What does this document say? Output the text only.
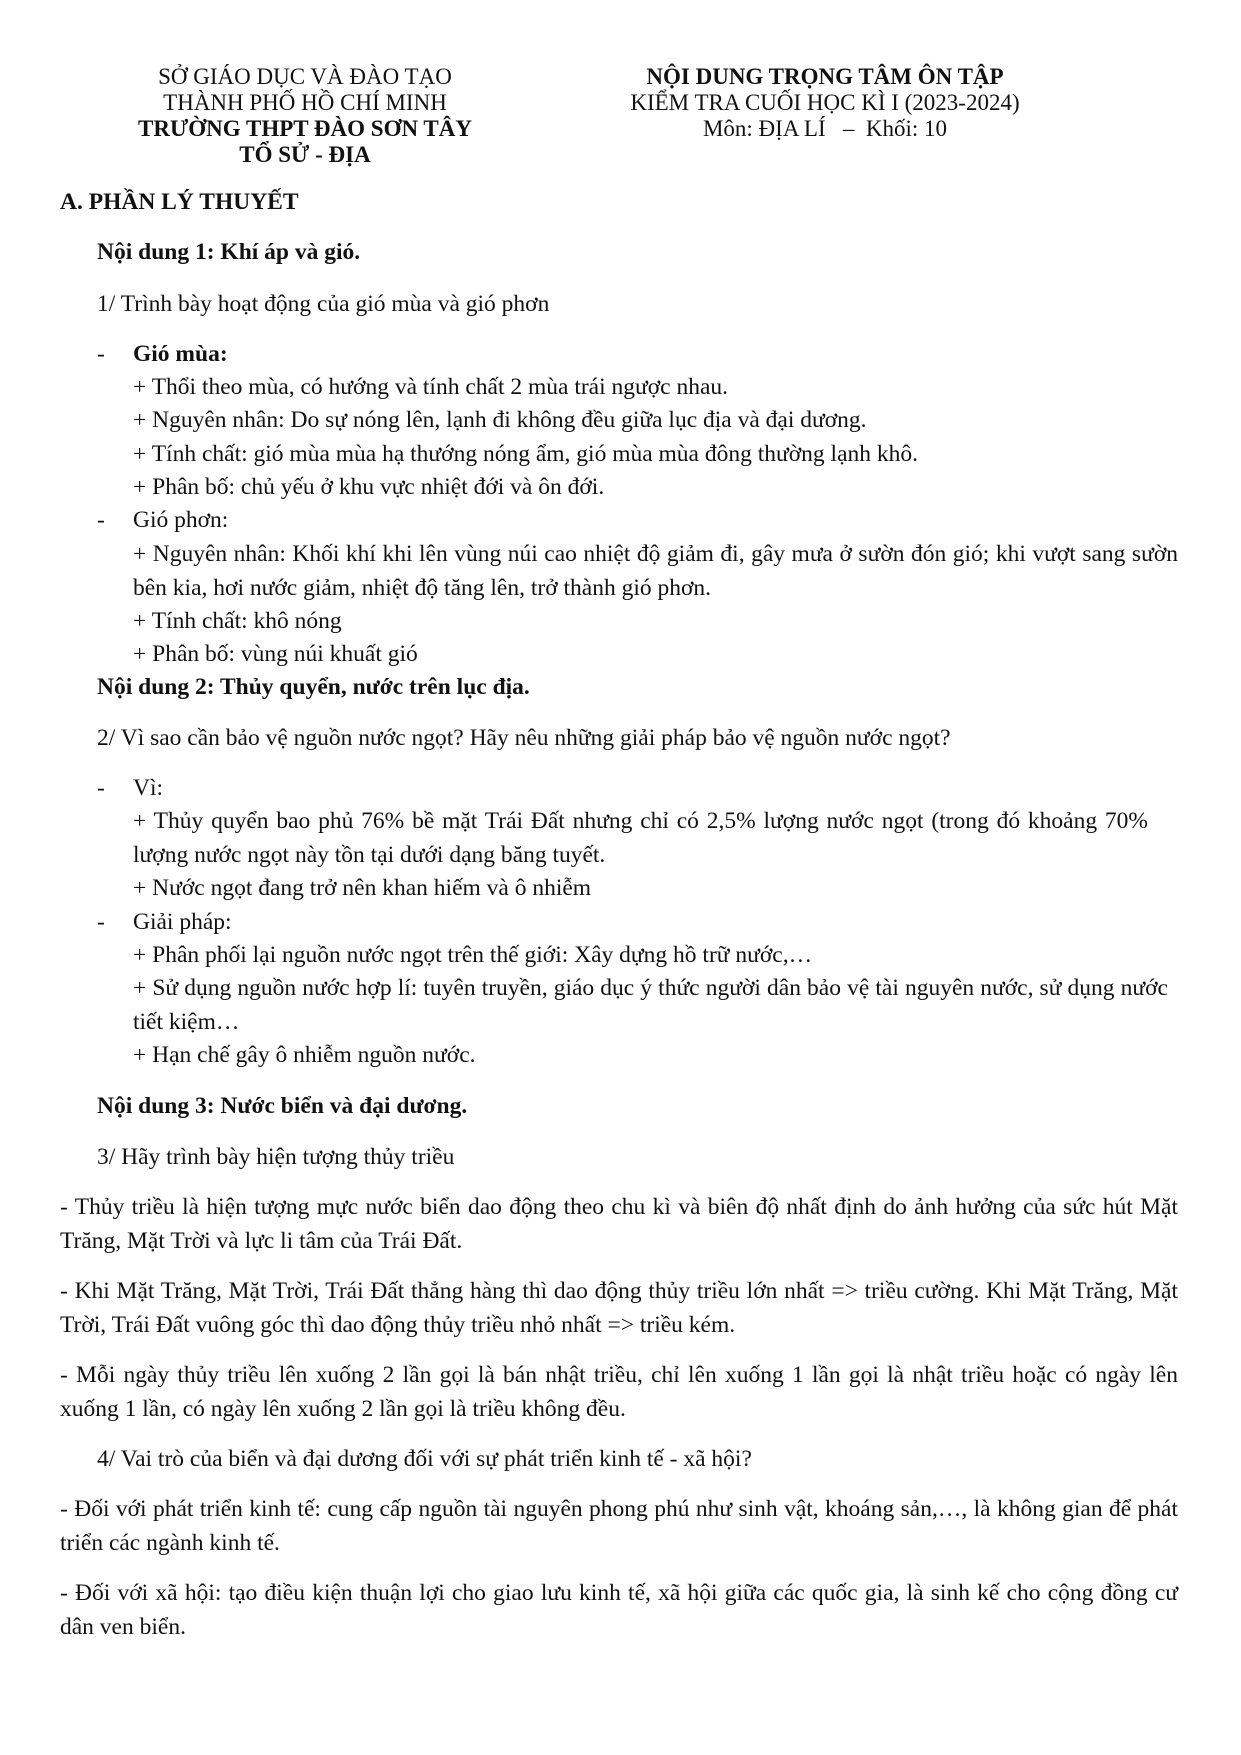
SỞ GIÁO DỤC VÀ ĐÀO TẠO
THÀNH PHỐ HỒ CHÍ MINH
TRƯỜNG THPT ĐÀO SƠN TÂY
TỔ SỬ - ĐỊA
NỘI DUNG TRỌNG TÂM ÔN TẬP
KIỂM TRA CUỐI HỌC KÌ I (2023-2024)
Môn: ĐỊA LÍ   –  Khối: 10
A. PHẦN LÝ THUYẾT
Nội dung 1: Khí áp và gió.
1/ Trình bày hoạt động của gió mùa và gió phơn
- Gió mùa:
+ Thổi theo mùa, có hướng và tính chất 2 mùa trái ngược nhau.
+ Nguyên nhân: Do sự nóng lên, lạnh đi không đều giữa lục địa và đại dương.
+ Tính chất: gió mùa mùa hạ thướng nóng ẩm, gió mùa mùa đông thường lạnh khô.
+ Phân bố: chủ yếu ở khu vực nhiệt đới và ôn đới.
- Gió phơn:
+ Nguyên nhân: Khối khí khi lên vùng núi cao nhiệt độ giảm đi, gây mưa ở sườn đón gió; khi vượt sang sườn bên kia, hơi nước giảm, nhiệt độ tăng lên, trở thành gió phơn.
+ Tính chất: khô nóng
+ Phân bố: vùng núi khuất gió
Nội dung 2: Thủy quyển, nước trên lục địa.
2/ Vì sao cần bảo vệ nguồn nước ngọt? Hãy nêu những giải pháp bảo vệ nguồn nước ngọt?
- Vì:
+ Thủy quyển bao phủ 76% bề mặt Trái Đất nhưng chỉ có 2,5% lượng nước ngọt (trong đó khoảng 70% lượng nước ngọt này tồn tại dưới dạng băng tuyết.
+ Nước ngọt đang trở nên khan hiếm và ô nhiễm
- Giải pháp:
+ Phân phối lại nguồn nước ngọt trên thế giới: Xây dựng hồ trữ nước,…
+ Sử dụng nguồn nước hợp lí: tuyên truyền, giáo dục ý thức người dân bảo vệ tài nguyên nước, sử dụng nước tiết kiệm…
+ Hạn chế gây ô nhiễm nguồn nước.
Nội dung 3: Nước biển và đại dương.
3/ Hãy trình bày hiện tượng thủy triều
- Thủy triều là hiện tượng mực nước biển dao động theo chu kì và biên độ nhất định do ảnh hưởng của sức hút Mặt Trăng, Mặt Trời và lực li tâm của Trái Đất.
- Khi Mặt Trăng, Mặt Trời, Trái Đất thẳng hàng thì dao động thủy triều lớn nhất => triều cường. Khi Mặt Trăng, Mặt Trời, Trái Đất vuông góc thì dao động thủy triều nhỏ nhất => triều kém.
- Mỗi ngày thủy triều lên xuống 2 lần gọi là bán nhật triều, chỉ lên xuống 1 lần gọi là nhật triều hoặc có ngày lên xuống 1 lần, có ngày lên xuống 2 lần gọi là triều không đều.
4/ Vai trò của biển và đại dương đối với sự phát triển kinh tế - xã hội?
- Đối với phát triển kinh tế: cung cấp nguồn tài nguyên phong phú như sinh vật, khoáng sản,…, là không gian để phát triển các ngành kinh tế.
- Đối với xã hội: tạo điều kiện thuận lợi cho giao lưu kinh tế, xã hội giữa các quốc gia, là sinh kế cho cộng đồng cư dân ven biển.
